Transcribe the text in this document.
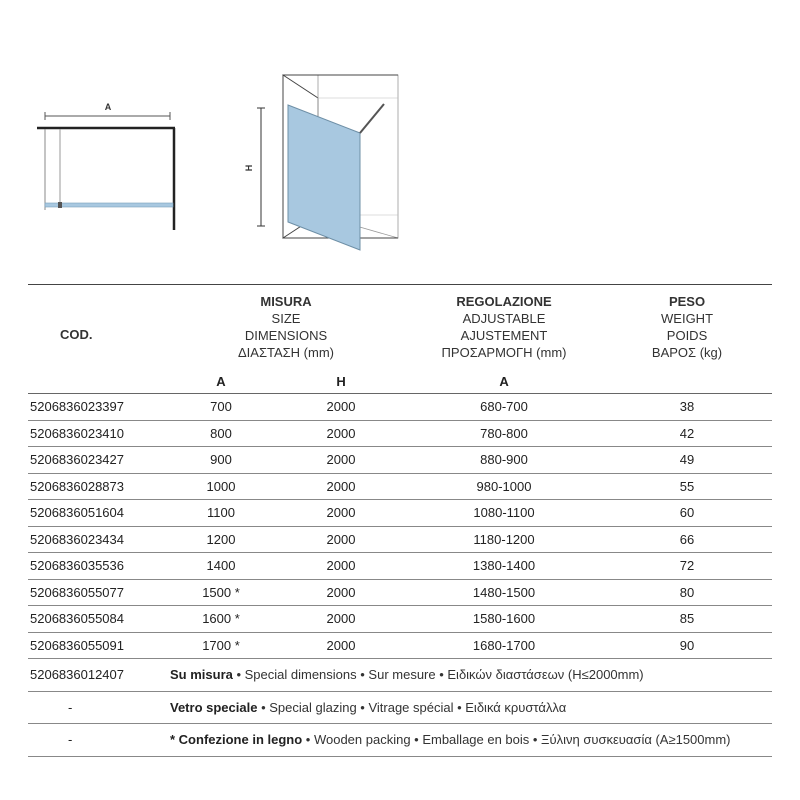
A
H
COD.	MISURA
SIZE
DIMENSIONS
ΔΙΑΣΤΑΣΗ (mm)		REGOLAZIONE
ADJUSTABLE
AJUSTEMENT
ΠΡΟΣΑΡΜΟΓΗ (mm)	PESO
WEIGHT
POIDS
ΒΑΡΟΣ (kg)

	A	H	A	
5206836023397	700	2000	680-700	38
5206836023410	800	2000	780-800	42
5206836023427	900	2000	880-900	49
5206836028873	1000	2000	980-1000	55
5206836051604	1100	2000	1080-1100	60
5206836023434	1200	2000	1180-1200	66
5206836035536	1400	2000	1380-1400	72
5206836055077	1500 *	2000	1480-1500	80
5206836055084	1600 *	2000	1580-1600	85
5206836055091	1700 *	2000	1680-1700	90
5206836012407	Su misura • Special dimensions • Sur mesure • Ειδικών διαστάσεων (H≤2000mm)			
-	Vetro speciale • Special glazing • Vitrage spécial • Ειδικά κρυστάλλα			
-	* Confezione in legno • Wooden packing • Emballage en bois • Ξύλινη συσκευασία (A≥1500mm)			
